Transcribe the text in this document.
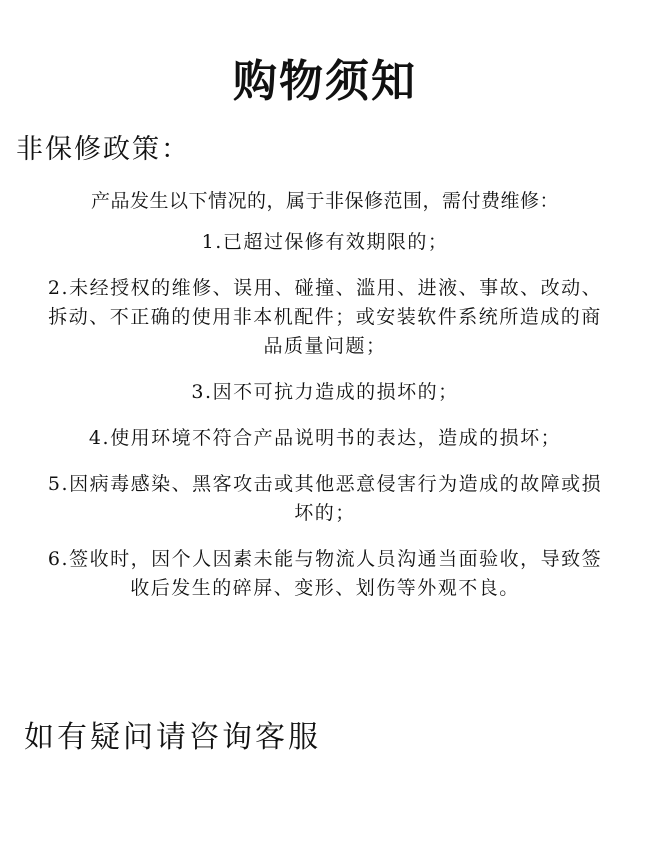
购物须知
非保修政策：
产品发生以下情况的，属于非保修范围，需付费维修：
1.已超过保修有效期限的；
2.未经授权的维修、误用、碰撞、滥用、进液、事故、改动、拆动、不正确的使用非本机配件；或安装软件系统所造成的商品质量问题；
3.因不可抗力造成的损坏的；
4.使用环境不符合产品说明书的表达，造成的损坏；
5.因病毒感染、黑客攻击或其他恶意侵害行为造成的故障或损坏的；
6.签收时，因个人因素未能与物流人员沟通当面验收，导致签收后发生的碎屏、变形、划伤等外观不良。
如有疑问请咨询客服
